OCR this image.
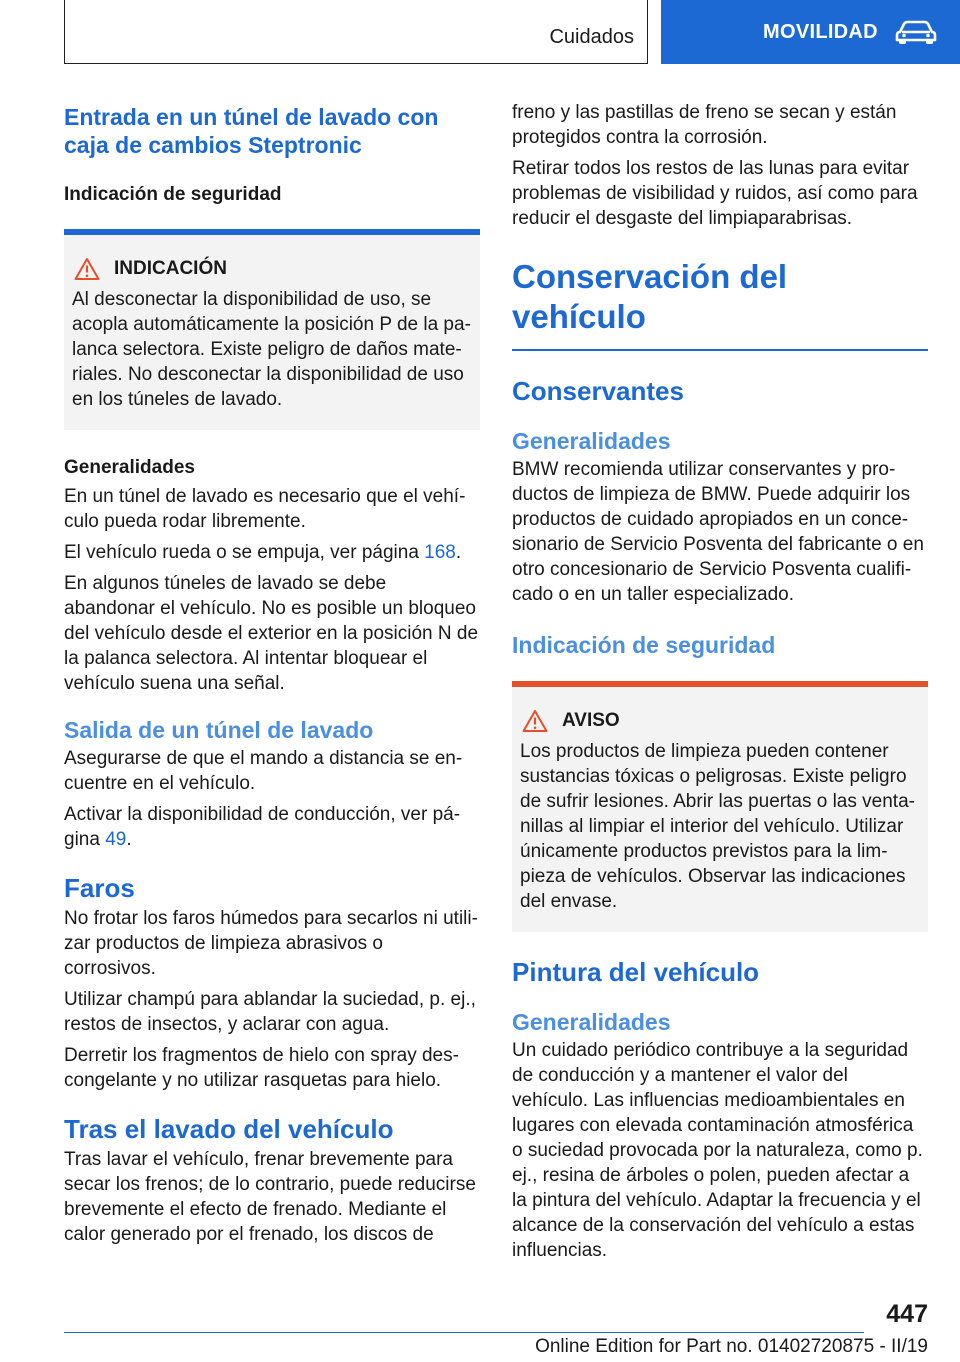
Cuidados	MOVILIDAD
Entrada en un túnel de lavado con caja de cambios Steptronic
Indicación de seguridad
INDICACIÓN

Al desconectar la disponibilidad de uso, se acopla automáticamente la posición P de la palanca selectora. Existe peligro de daños materiales. No desconectar la disponibilidad de uso en los túneles de lavado.

Generalidades

En un túnel de lavado es necesario que el vehículo pueda rodar libremente.

El vehículo rueda o se empuja, ver página 168.

En algunos túneles de lavado se debe abandonar el vehículo. No es posible un bloqueo del vehículo desde el exterior en la posición N de la palanca selectora. Al intentar bloquear el vehículo suena una señal.

Salida de un túnel de lavado

Asegurarse de que el mando a distancia se encuentre en el vehículo.

Activar la disponibilidad de conducción, ver página 49.

Faros

No frotar los faros húmedos para secarlos ni utilizar productos de limpieza abrasivos o corrosivos.

Utilizar champú para ablandar la suciedad, p. ej., restos de insectos, y aclarar con agua.

Derretir los fragmentos de hielo con spray descongelante y no utilizar rasquetas para hielo.

Tras el lavado del vehículo

Tras lavar el vehículo, frenar brevemente para secar los frenos; de lo contrario, puede reducirse brevemente el efecto de frenado. Mediante el calor generado por el frenado, los discos de

freno y las pastillas de freno se secan y están protegidos contra la corrosión.

Retirar todos los restos de las lunas para evitar problemas de visibilidad y ruidos, así como para reducir el desgaste del limpiaparabrisas.

Conservación del vehículo
Conservantes
Generalidades

BMW recomienda utilizar conservantes y productos de limpieza de BMW. Puede adquirir los productos de cuidado apropiados en un concesionario de Servicio Posventa del fabricante o en otro concesionario de Servicio Posventa cualificado o en un taller especializado.

Indicación de seguridad
AVISO

Los productos de limpieza pueden contener sustancias tóxicas o peligrosas. Existe peligro de sufrir lesiones. Abrir las puertas o las ventanillas al limpiar el interior del vehículo. Utilizar únicamente productos previstos para la limpieza de vehículos. Observar las indicaciones del envase.

Pintura del vehículo
Generalidades

Un cuidado periódico contribuye a la seguridad de conducción y a mantener el valor del vehículo. Las influencias medioambientales en lugares con elevada contaminación atmosférica o suciedad provocada por la naturaleza, como p. ej., resina de árboles o polen, pueden afectar a la pintura del vehículo. Adaptar la frecuencia y el alcance de la conservación del vehículo a estas influencias.

447
Online Edition for Part no. 01402720875 - II/19
